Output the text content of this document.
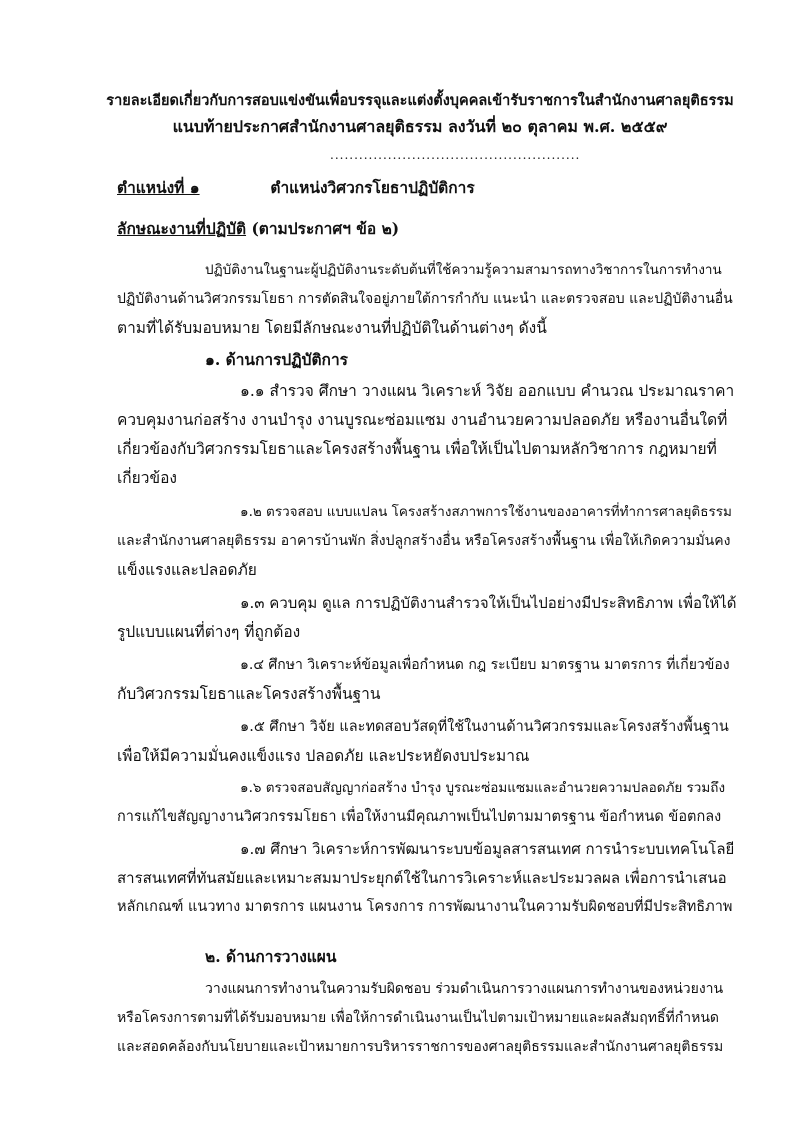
รายละเอียดเกี่ยวกับการสอบแข่งขันเพื่อบรรจุและแต่งตั้งบุคคลเข้ารับราชการในสำนักงานศาลยุติธรรม
แนบท้ายประกาศสำนักงานศาลยุติธรรม ลงวันที่ ๒๐ ตุลาคม พ.ศ. ๒๕๕๙
....................................................
ตำแหน่งที่ ๑	ตำแหน่งวิศวกรโยธาปฏิบัติการ
ลักษณะงานที่ปฏิบัติ (ตามประกาศฯ ข้อ ๒)
ปฏิบัติงานในฐานะผู้ปฏิบัติงานระดับต้นที่ใช้ความรู้ความสามารถทางวิชาการในการทำงาน
ปฏิบัติงานด้านวิศวกรรมโยธา การตัดสินใจอยู่ภายใต้การกำกับ แนะนำ และตรวจสอบ และปฏิบัติงานอื่น
ตามที่ได้รับมอบหมาย โดยมีลักษณะงานที่ปฏิบัติในด้านต่างๆ ดังนี้
๑. ด้านการปฏิบัติการ
๑.๑ สำรวจ ศึกษา วางแผน วิเคราะห์ วิจัย ออกแบบ คำนวณ ประมาณราคา
ควบคุมงานก่อสร้าง งานบำรุง งานบูรณะซ่อมแซม งานอำนวยความปลอดภัย หรืองานอื่นใดที่
เกี่ยวข้องกับวิศวกรรมโยธาและโครงสร้างพื้นฐาน เพื่อให้เป็นไปตามหลักวิชาการ กฎหมายที่
เกี่ยวข้อง
๑.๒ ตรวจสอบ แบบแปลน โครงสร้างสภาพการใช้งานของอาคารที่ทำการศาลยุติธรรม
และสำนักงานศาลยุติธรรม อาคารบ้านพัก สิ่งปลูกสร้างอื่น หรือโครงสร้างพื้นฐาน เพื่อให้เกิดความมั่นคง
แข็งแรงและปลอดภัย
๑.๓ ควบคุม ดูแล การปฏิบัติงานสำรวจให้เป็นไปอย่างมีประสิทธิภาพ เพื่อให้ได้
รูปแบบแผนที่ต่างๆ ที่ถูกต้อง
๑.๔ ศึกษา วิเคราะห์ข้อมูลเพื่อกำหนด กฎ ระเบียบ มาตรฐาน มาตรการ ที่เกี่ยวข้อง
กับวิศวกรรมโยธาและโครงสร้างพื้นฐาน
๑.๕ ศึกษา วิจัย และทดสอบวัสดุที่ใช้ในงานด้านวิศวกรรมและโครงสร้างพื้นฐาน
เพื่อให้มีความมั่นคงแข็งแรง ปลอดภัย และประหยัดงบประมาณ
๑.๖ ตรวจสอบสัญญาก่อสร้าง บำรุง บูรณะซ่อมแซมและอำนวยความปลอดภัย รวมถึง
การแก้ไขสัญญางานวิศวกรรมโยธา เพื่อให้งานมีคุณภาพเป็นไปตามมาตรฐาน ข้อกำหนด ข้อตกลง
๑.๗ ศึกษา วิเคราะห์การพัฒนาระบบข้อมูลสารสนเทศ การนำระบบเทคโนโลยี
สารสนเทศที่ทันสมัยและเหมาะสมมาประยุกต์ใช้ในการวิเคราะห์และประมวลผล เพื่อการนำเสนอ
หลักเกณฑ์ แนวทาง มาตรการ แผนงาน โครงการ การพัฒนางานในความรับผิดชอบที่มีประสิทธิภาพ
๒. ด้านการวางแผน
วางแผนการทำงานในความรับผิดชอบ ร่วมดำเนินการวางแผนการทำงานของหน่วยงาน
หรือโครงการตามที่ได้รับมอบหมาย เพื่อให้การดำเนินงานเป็นไปตามเป้าหมายและผลสัมฤทธิ์ที่กำหนด
และสอดคล้องกับนโยบายและเป้าหมายการบริหารราชการของศาลยุติธรรมและสำนักงานศาลยุติธรรม
